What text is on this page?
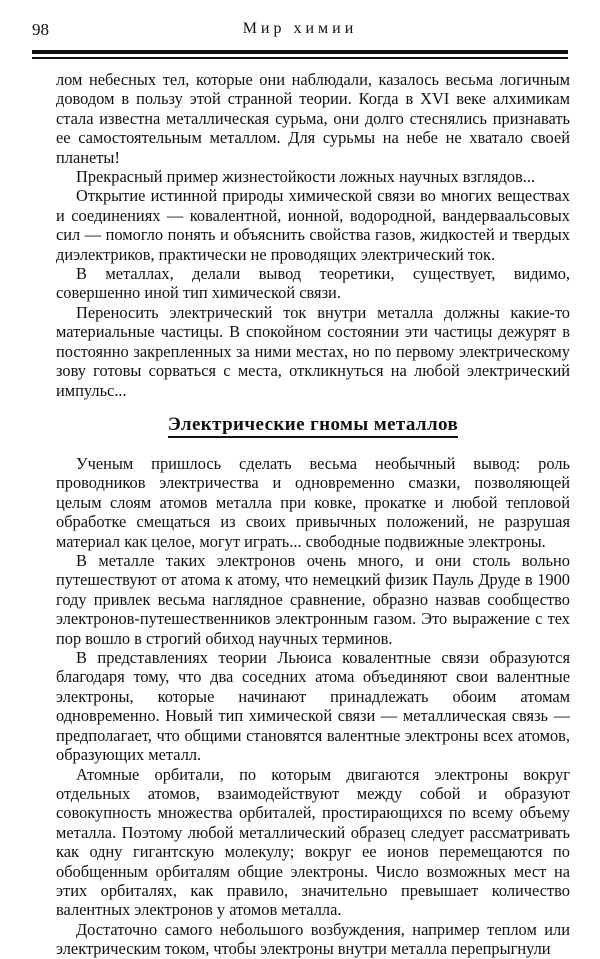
98	Мир химии

лом небесных тел, которые они наблюдали, казалось весьма логичным доводом в пользу этой странной теории. Когда в XVI веке алхимикам стала известна металлическая сурьма, они долго стеснялись признавать ее самостоятельным металлом. Для сурьмы на небе не хватало своей планеты!

Прекрасный пример жизнестойкости ложных научных взглядов...

Открытие истинной природы химической связи во многих веществах и соединениях — ковалентной, ионной, водородной, вандерваальсовых сил — помогло понять и объяснить свойства газов, жидкостей и твердых диэлектриков, практически не проводящих электрический ток.

В металлах, делали вывод теоретики, существует, видимо, совершенно иной тип химической связи.

Переносить электрический ток внутри металла должны какие-то материальные частицы. В спокойном состоянии эти частицы дежурят в постоянно закрепленных за ними местах, но по первому электрическому зову готовы сорваться с места, откликнуться на любой электрический импульс...

Электрические гномы металлов

Ученым пришлось сделать весьма необычный вывод: роль проводников электричества и одновременно смазки, позволяющей целым слоям атомов металла при ковке, прокатке и любой тепловой обработке смещаться из своих привычных положений, не разрушая материал как целое, могут играть... свободные подвижные электроны.

В металле таких электронов очень много, и они столь вольно путешествуют от атома к атому, что немецкий физик Пауль Друде в 1900 году привлек весьма наглядное сравнение, образно назвав сообщество электронов-путешественников электронным газом. Это выражение с тех пор вошло в строгий обиход научных терминов.

В представлениях теории Льюиса ковалентные связи образуются благодаря тому, что два соседних атома объединяют свои валентные электроны, которые начинают принадлежать обоим атомам одновременно. Новый тип химической связи — металлическая связь — предполагает, что общими становятся валентные электроны всех атомов, образующих металл.

Атомные орбитали, по которым двигаются электроны вокруг отдельных атомов, взаимодействуют между собой и образуют совокупность множества орбиталей, простирающихся по всему объему металла. Поэтому любой металлический образец следует рассматривать как одну гигантскую молекулу; вокруг ее ионов перемещаются по обобщенным орбиталям общие электроны. Число возможных мест на этих орбиталях, как правило, значительно превышает количество валентных электронов у атомов металла.

Достаточно самого небольшого возбуждения, например теплом или электрическим током, чтобы электроны внутри металла перепрыгнули
